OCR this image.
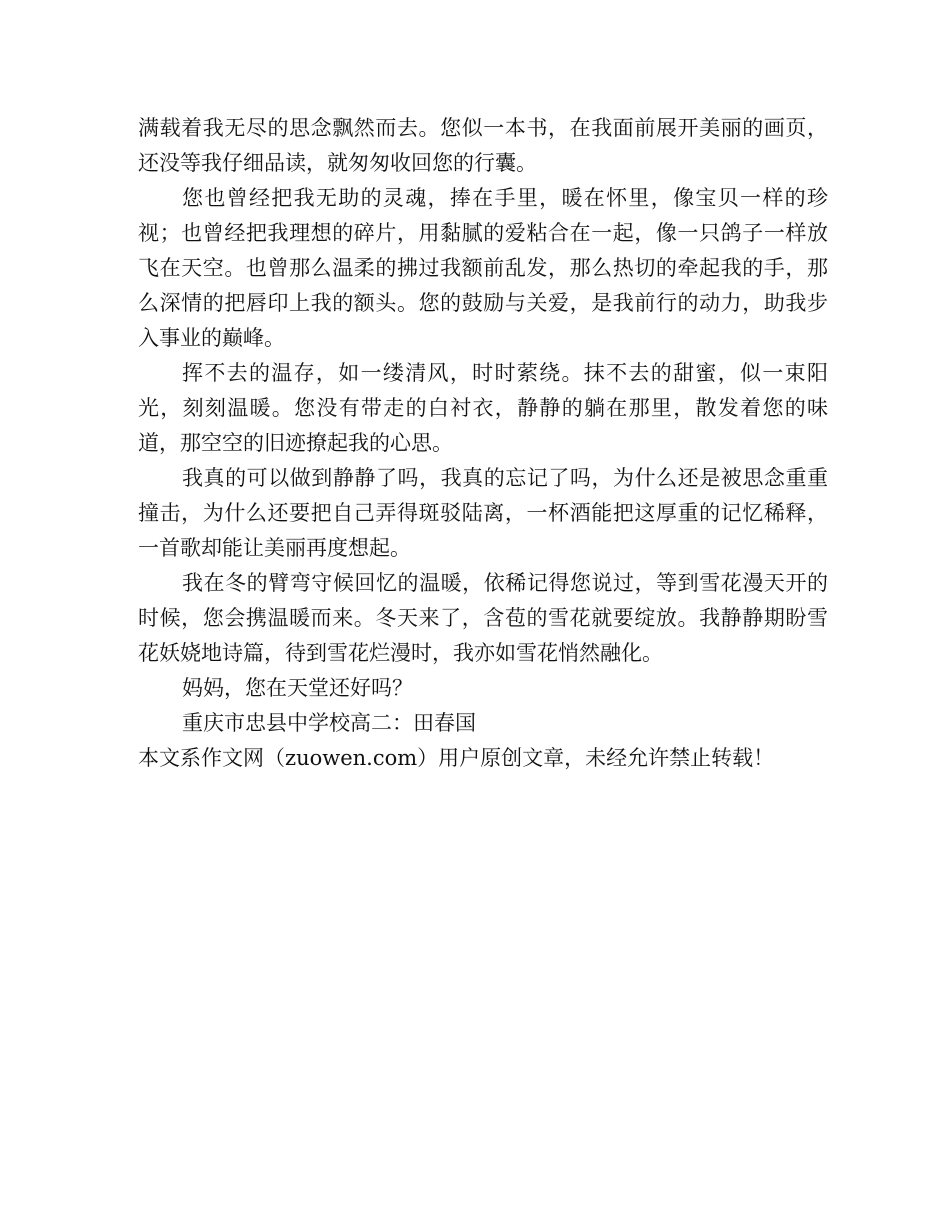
满载着我无尽的思念飘然而去。您似一本书，在我面前展开美丽的画页，还没等我仔细品读，就匆匆收回您的行囊。

您也曾经把我无助的灵魂，捧在手里，暖在怀里，像宝贝一样的珍视；也曾经把我理想的碎片，用黏腻的爱粘合在一起，像一只鸽子一样放飞在天空。也曾那么温柔的拂过我额前乱发，那么热切的牵起我的手，那么深情的把唇印上我的额头。您的鼓励与关爱，是我前行的动力，助我步入事业的巅峰。

挥不去的温存，如一缕清风，时时萦绕。抹不去的甜蜜，似一束阳光，刻刻温暖。您没有带走的白衬衣，静静的躺在那里，散发着您的味道，那空空的旧迹撩起我的心思。

我真的可以做到静静了吗，我真的忘记了吗，为什么还是被思念重重撞击，为什么还要把自己弄得斑驳陆离，一杯酒能把这厚重的记忆稀释，一首歌却能让美丽再度想起。

我在冬的臂弯守候回忆的温暖，依稀记得您说过，等到雪花漫天开的时候，您会携温暖而来。冬天来了，含苞的雪花就要绽放。我静静期盼雪花妖娆地诗篇，待到雪花烂漫时，我亦如雪花悄然融化。

妈妈，您在天堂还好吗？

重庆市忠县中学校高二：田春国

本文系作文网（zuowen.com）用户原创文章，未经允许禁止转载！
